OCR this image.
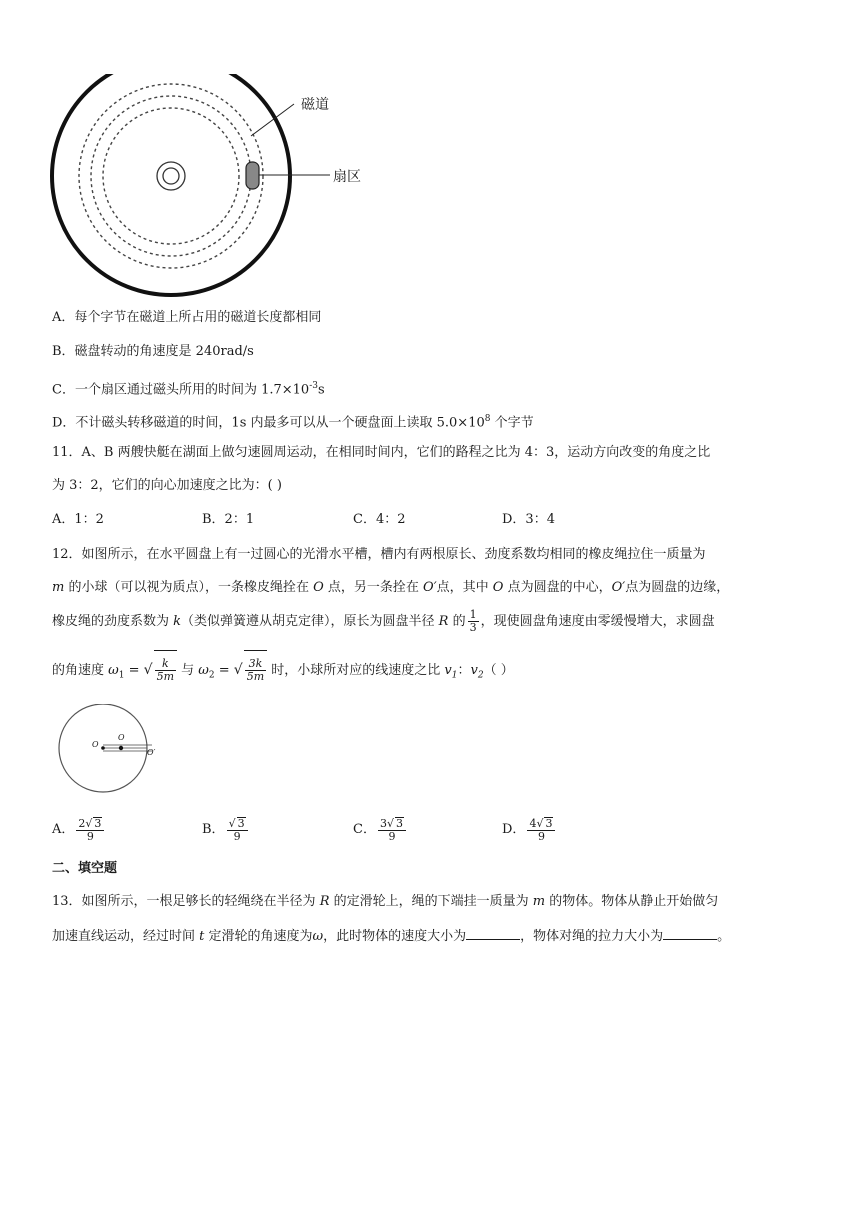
磁道
扇区
A．每个字节在磁道上所占用的磁道长度都相同
B．磁盘转动的角速度是 240rad/s
C．一个扇区通过磁头所用的时间为 $1.7\times 10^{-3}s$
D．不计磁头转移磁道的时间，1s 内最多可以从一个硬盘面上读取 $5.0\times 10^8$ 个字节
11．A、B 两艘快艇在湖面上做匀速圆周运动，在相同时间内，它们的路程之比为 4：3，运动方向改变的角度之比
为 3：2，它们的向心加速度之比为：( )
A．1：2	B．2：1	C．4：2	D．3：4
12．如图所示，在水平圆盘上有一过圆心的光滑水平槽，槽内有两根原长、劲度系数均相同的橡皮绳拉住一质量为
m 的小球（可以视为质点），一条橡皮绳拴在 O 点，另一条拴在 O′点，其中 O 点为圆盘的中心，O′点为圆盘的边缘，
橡皮绳的劲度系数为 k（类似弹簧遵从胡克定律），原长为圆盘半径 R 的 $\frac{1}{3}$ ，现使圆盘角速度由零缓慢增大，求圆盘
的角速度 $\omega_1$ = √ $\frac{k}{5m}$ 与 $\omega_2$ = √ $\frac{3k}{5m}$ 时，小球所对应的线速度之比 $v_1$：$v_2$（ ）
O
O
O′
A． $\frac{2√ 3}{9}$	B． $\frac{√ 3}{9}$	C． $\frac{3√ 3}{9}$	D． $\frac{4√ 3}{9}$
二、填空题
13．如图所示，一根足够长的轻绳绕在半径为 R 的定滑轮上，绳的下端挂一质量为 m 的物体。物体从静止开始做匀
加速直线运动，经过时间 t 定滑轮的角速度为ω，此时物体的速度大小为	，物体对绳的拉力大小为	。
